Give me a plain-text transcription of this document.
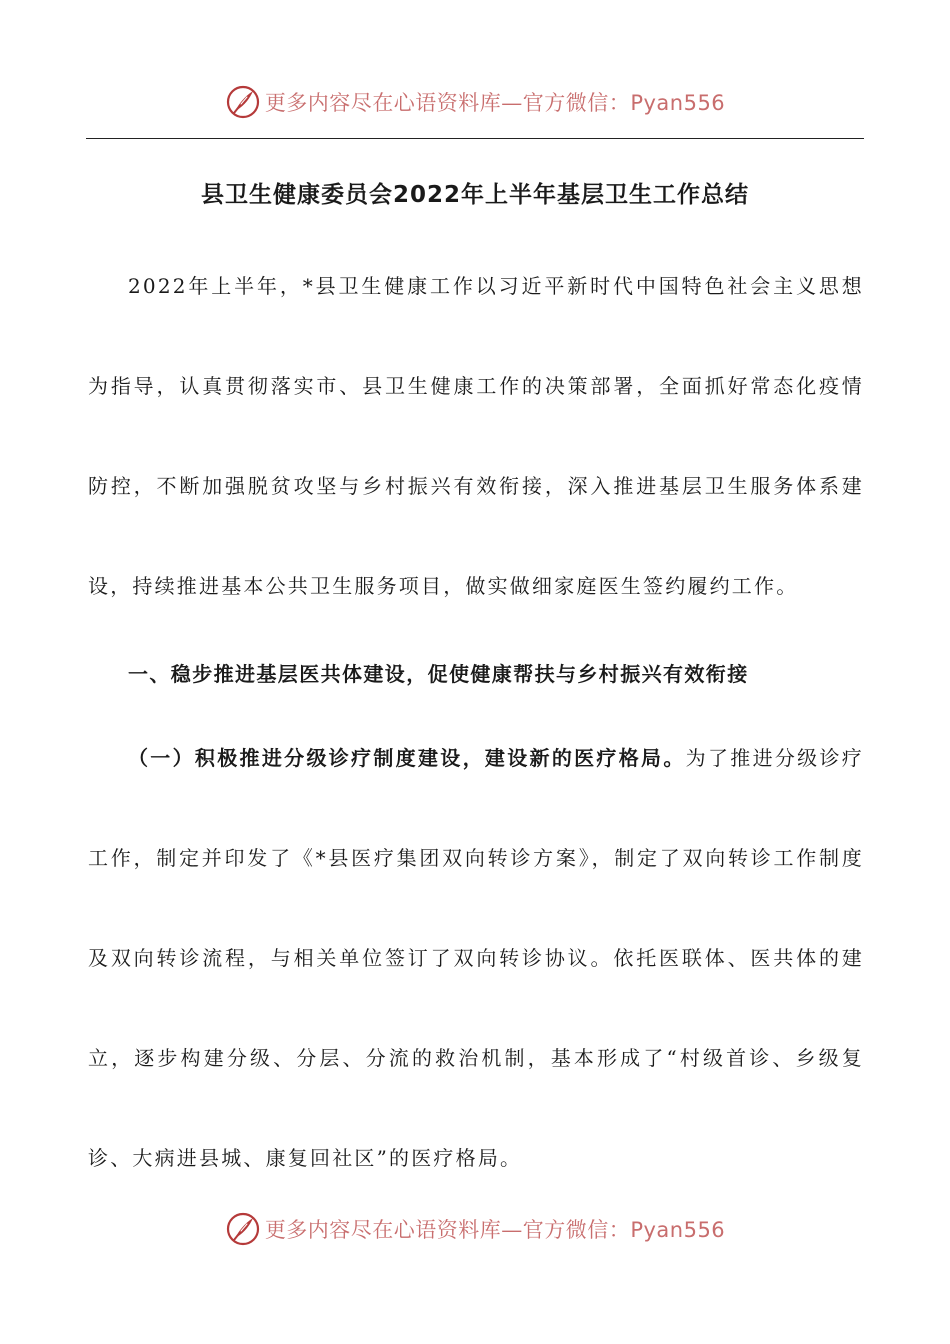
更多内容尽在心语资料库—官方微信：Pyan556
县卫生健康委员会2022年上半年基层卫生工作总结

2022年上半年，*县卫生健康工作以习近平新时代中国特色社会主义思想为指导，认真贯彻落实市、县卫生健康工作的决策部署，全面抓好常态化疫情防控，不断加强脱贫攻坚与乡村振兴有效衔接，深入推进基层卫生服务体系建设，持续推进基本公共卫生服务项目，做实做细家庭医生签约履约工作。

一、稳步推进基层医共体建设，促使健康帮扶与乡村振兴有效衔接

（一）积极推进分级诊疗制度建设，建设新的医疗格局。为了推进分级诊疗工作，制定并印发了《*县医疗集团双向转诊方案》，制定了双向转诊工作制度及双向转诊流程，与相关单位签订了双向转诊协议。依托医联体、医共体的建立，逐步构建分级、分层、分流的救治机制，基本形成了“村级首诊、乡级复诊、大病进县城、康复回社区”的医疗格局。

更多内容尽在心语资料库—官方微信：Pyan556
